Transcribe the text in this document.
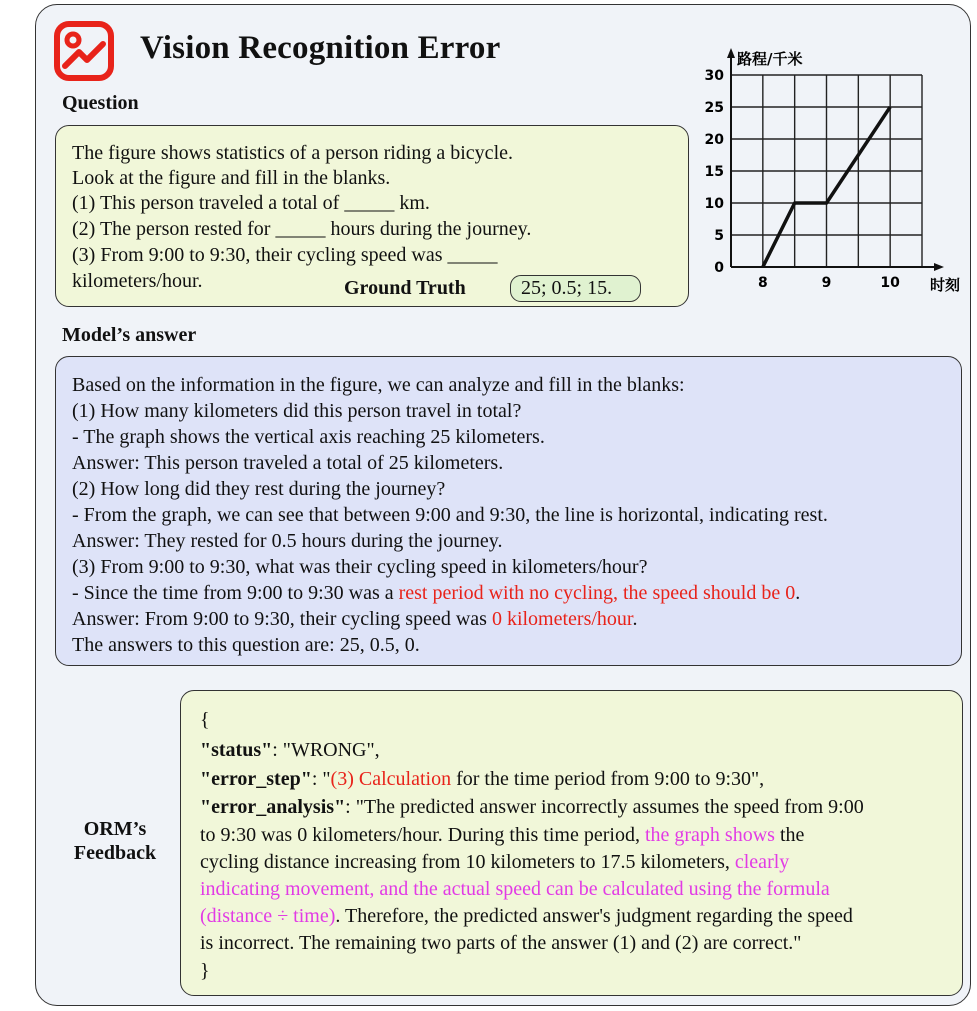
Vision Recognition Error
Question
The figure shows statistics of a person riding a bicycle.
Look at the figure and fill in the blanks.
(1) This person traveled a total of _____ km.
(2) The person rested for _____ hours during the journey.
(3) From 9:00 to 9:30, their cycling speed was _____
kilometers/hour.	Ground Truth	25; 0.5; 15.
路程/千米
时刻
0
5
10
15
20
25
30
8	9	10
Model’s answer
Based on the information in the figure, we can analyze and fill in the blanks:
(1) How many kilometers did this person travel in total?
- The graph shows the vertical axis reaching 25 kilometers.
Answer: This person traveled a total of 25 kilometers.
(2) How long did they rest during the journey?
- From the graph, we can see that between 9:00 and 9:30, the line is horizontal, indicating rest.
Answer: They rested for 0.5 hours during the journey.
(3) From 9:00 to 9:30, what was their cycling speed in kilometers/hour?
- Since the time from 9:00 to 9:30 was a rest period with no cycling, the speed should be 0.
Answer: From 9:00 to 9:30, their cycling speed was 0 kilometers/hour.
The answers to this question are: 25, 0.5, 0.
ORM’s
Feedback
{
"status": "WRONG",
"error_step": "(3) Calculation for the time period from 9:00 to 9:30",
"error_analysis": "The predicted answer incorrectly assumes the speed from 9:00
to 9:30 was 0 kilometers/hour. During this time period, the graph shows the
cycling distance increasing from 10 kilometers to 17.5 kilometers, clearly
indicating movement, and the actual speed can be calculated using the formula
(distance ÷ time). Therefore, the predicted answer's judgment regarding the speed
is incorrect. The remaining two parts of the answer (1) and (2) are correct."
}
